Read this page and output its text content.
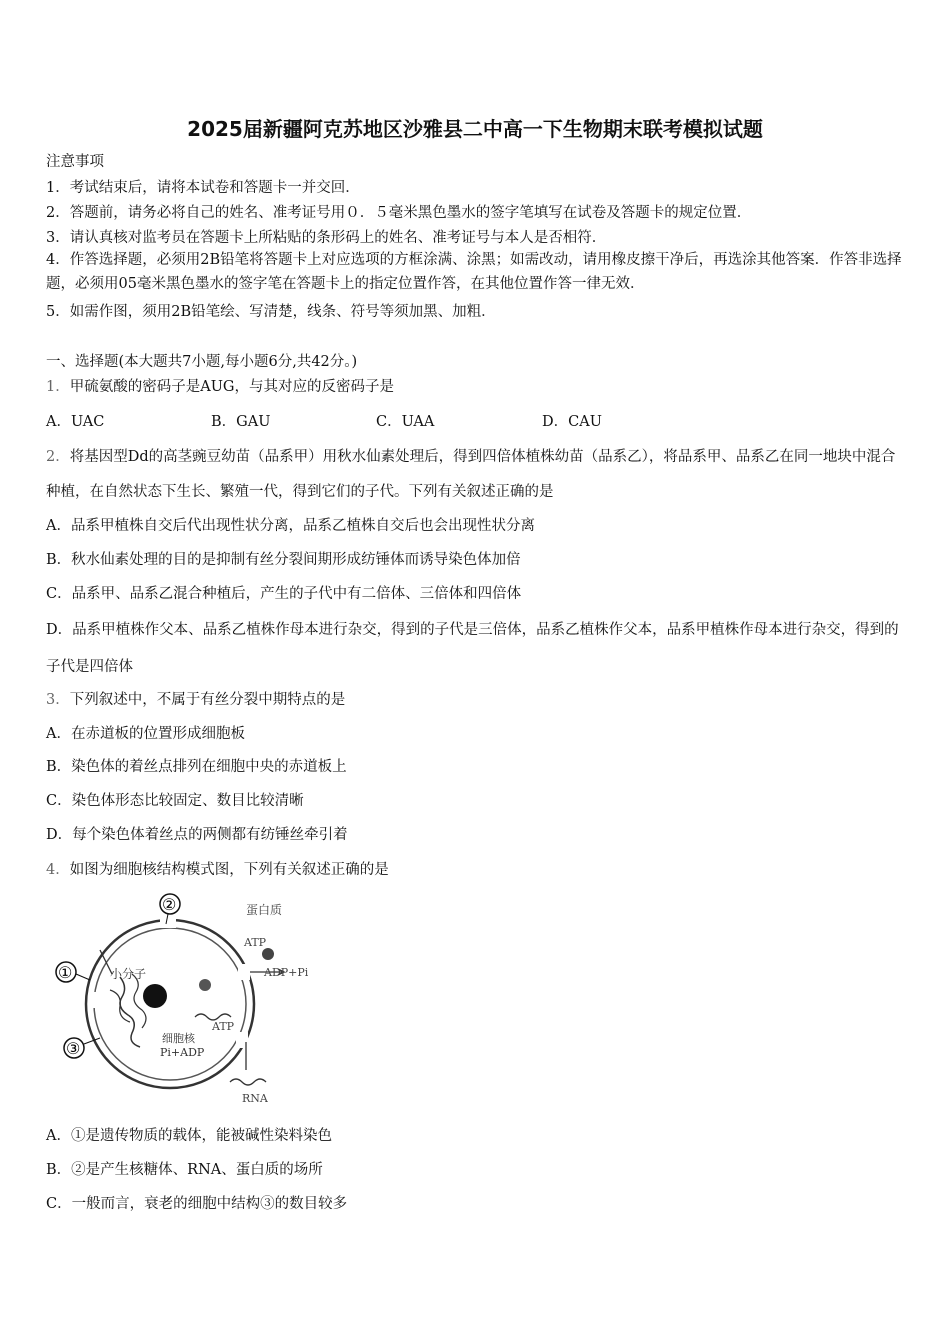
2025届新疆阿克苏地区沙雅县二中高一下生物期末联考模拟试题
注意事项
1．考试结束后，请将本试卷和答题卡一并交回．
2．答题前，请务必将自己的姓名、准考证号用０．５毫米黑色墨水的签字笔填写在试卷及答题卡的规定位置．
3．请认真核对监考员在答题卡上所粘贴的条形码上的姓名、准考证号与本人是否相符．
4．作答选择题，必须用2B铅笔将答题卡上对应选项的方框涂满、涂黑；如需改动，请用橡皮擦干净后，再选涂其他答案．作答非选择题，必须用05毫米黑色墨水的签字笔在答题卡上的指定位置作答，在其他位置作答一律无效．
5．如需作图，须用2B铅笔绘、写清楚，线条、符号等须加黑、加粗．
一、选择题(本大题共7小题,每小题6分,共42分。)
1．甲硫氨酸的密码子是AUG，与其对应的反密码子是
A．UAC	B．GAU	C．UAA	D．CAU
2．将基因型Dd的高茎豌豆幼苗（品系甲）用秋水仙素处理后，得到四倍体植株幼苗（品系乙），将品系甲、品系乙在同一地块中混合种植，在自然状态下生长、繁殖一代，得到它们的子代。下列有关叙述正确的是
A．品系甲植株自交后代出现性状分离，品系乙植株自交后也会出现性状分离
B．秋水仙素处理的目的是抑制有丝分裂间期形成纺锤体而诱导染色体加倍
C．品系甲、品系乙混合种植后，产生的子代中有二倍体、三倍体和四倍体
D．品系甲植株作父本、品系乙植株作母本进行杂交，得到的子代是三倍体，品系乙植株作父本，品系甲植株作母本进行杂交，得到的子代是四倍体
3．下列叙述中，不属于有丝分裂中期特点的是
A．在赤道板的位置形成细胞板
B．染色体的着丝点排列在细胞中央的赤道板上
C．染色体形态比较固定、数目比较清晰
D．每个染色体着丝点的两侧都有纺锤丝牵引着
4．如图为细胞核结构模式图，下列有关叙述正确的是
①
②
③
蛋白质
ATP
ADP+Pi
小分子
ATP
细胞核
Pi+ADP
RNA
A．①是遗传物质的载体，能被碱性染料染色
B．②是产生核糖体、RNA、蛋白质的场所
C．一般而言，衰老的细胞中结构③的数目较多
